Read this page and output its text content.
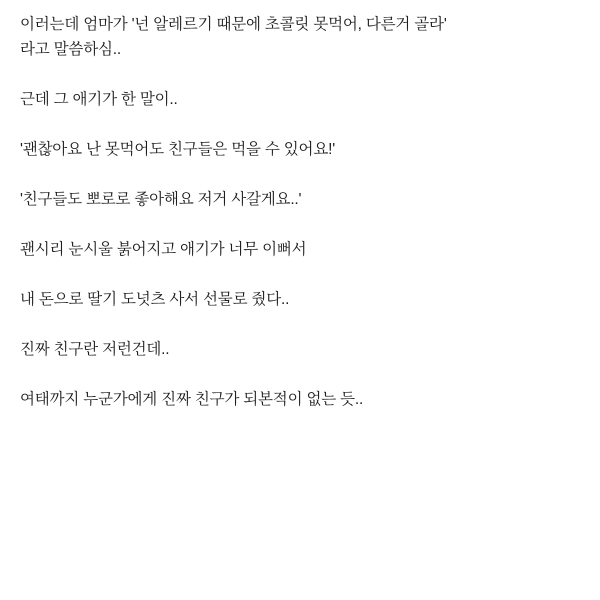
이러는데 엄마가 '넌 알레르기 때문에 초콜릿 못먹어, 다른거 골라'

라고 말씀하심..

근데 그 애기가 한 말이..

'괜찮아요 난 못먹어도 친구들은 먹을 수 있어요!'

'친구들도 뽀로로 좋아해요 저거 사갈게요..'

괜시리 눈시울 붉어지고 애기가 너무 이뻐서

내 돈으로 딸기 도넛츠 사서 선물로 줬다..

진짜 친구란 저런건데..

여태까지 누군가에게 진짜 친구가 되본적이 없는 듯..
